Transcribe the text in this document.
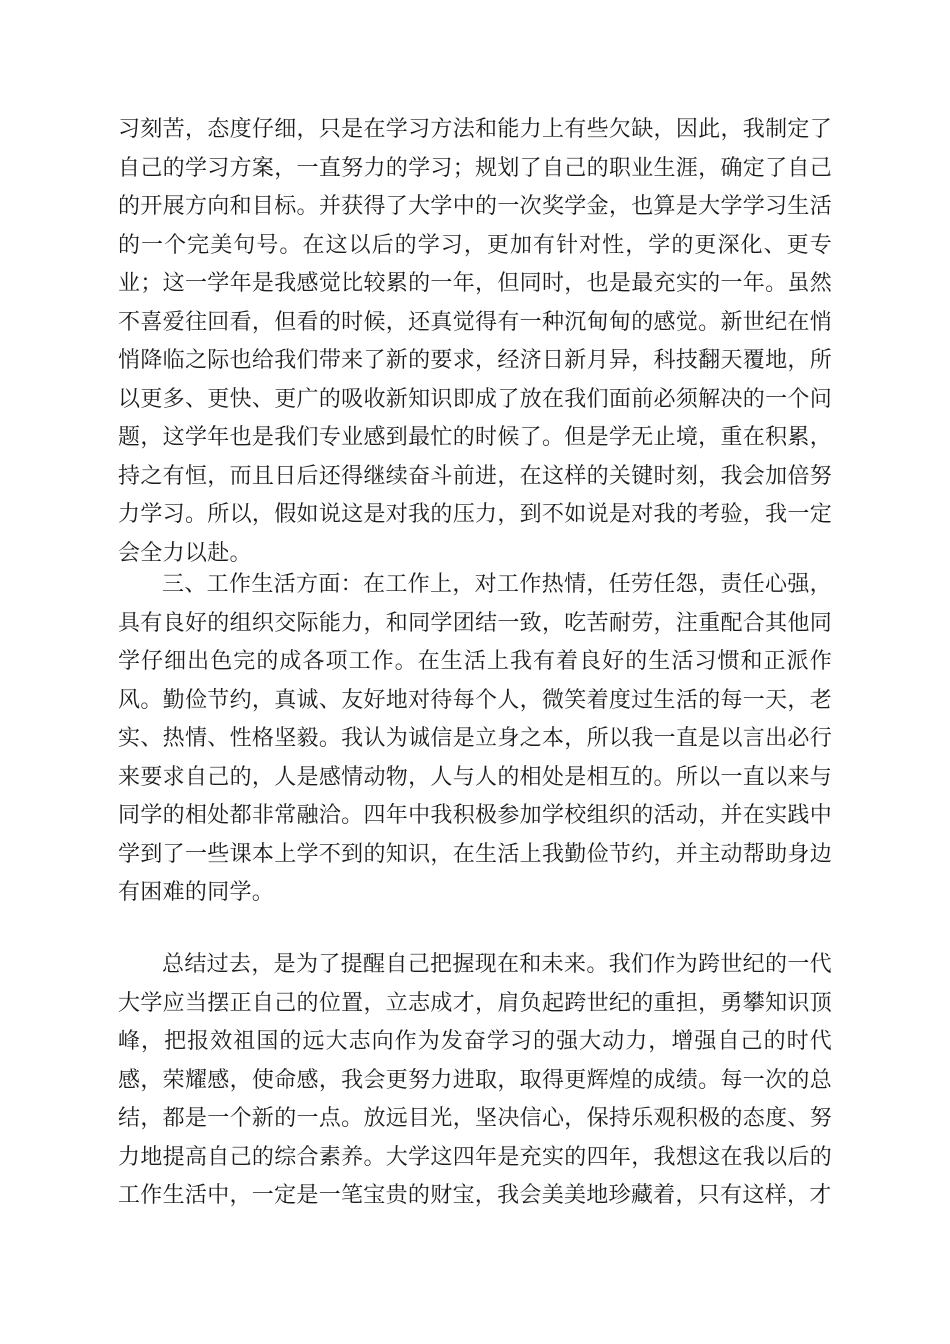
习刻苦，态度仔细，只是在学习方法和能力上有些欠缺，因此，我制定了自己的学习方案，一直努力的学习；规划了自己的职业生涯，确定了自己的开展方向和目标。并获得了大学中的一次奖学金，也算是大学学习生活的一个完美句号。在这以后的学习，更加有针对性，学的更深化、更专业；这一学年是我感觉比较累的一年，但同时，也是最充实的一年。虽然不喜爱往回看，但看的时候，还真觉得有一种沉甸甸的感觉。新世纪在悄悄降临之际也给我们带来了新的要求，经济日新月异，科技翻天覆地，所以更多、更快、更广的吸收新知识即成了放在我们面前必须解决的一个问题，这学年也是我们专业感到最忙的时候了。但是学无止境，重在积累，持之有恒，而且日后还得继续奋斗前进，在这样的关键时刻，我会加倍努力学习。所以，假如说这是对我的压力，到不如说是对我的考验，我一定会全力以赴。

三、工作生活方面：在工作上，对工作热情，任劳任怨，责任心强，具有良好的组织交际能力，和同学团结一致，吃苦耐劳，注重配合其他同学仔细出色完的成各项工作。在生活上我有着良好的生活习惯和正派作风。勤俭节约，真诚、友好地对待每个人，微笑着度过生活的每一天，老实、热情、性格坚毅。我认为诚信是立身之本，所以我一直是以言出必行来要求自己的，人是感情动物，人与人的相处是相互的。所以一直以来与同学的相处都非常融洽。四年中我积极参加学校组织的活动，并在实践中学到了一些课本上学不到的知识，在生活上我勤俭节约，并主动帮助身边有困难的同学。

总结过去，是为了提醒自己把握现在和未来。我们作为跨世纪的一代大学应当摆正自己的位置，立志成才，肩负起跨世纪的重担，勇攀知识顶峰，把报效祖国的远大志向作为发奋学习的强大动力，增强自己的时代感，荣耀感，使命感，我会更努力进取，取得更辉煌的成绩。每一次的总结，都是一个新的一点。放远目光，坚决信心，保持乐观积极的态度、努力地提高自己的综合素养。大学这四年是充实的四年，我想这在我以后的工作生活中，一定是一笔宝贵的财宝，我会美美地珍藏着，只有这样，才
